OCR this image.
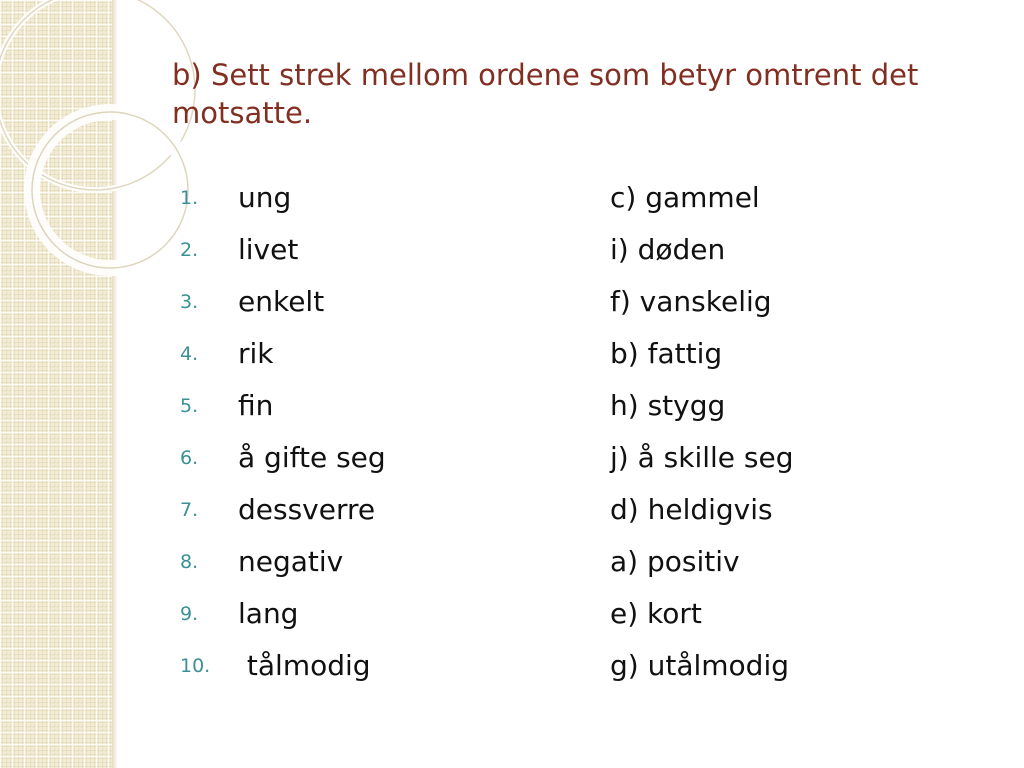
b) Sett strek mellom ordene som betyr omtrent det motsatte.
1.	ung	c) gammel
2.	livet	i) døden
3.	enkelt	f) vanskelig
4.	rik	b) fattig
5.	fin	h) stygg
6.	å gifte seg	j) å skille seg
7.	dessverre	d) heldigvis
8.	negativ	a) positiv
9.	lang	e) kort
10. tålmodig	g) utålmodig
